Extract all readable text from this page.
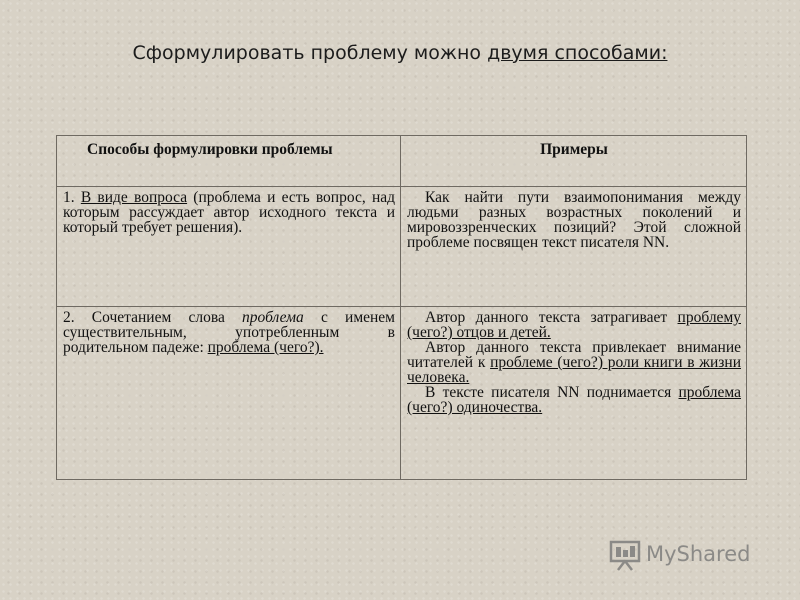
Сформулировать проблему можно двумя способами:
Способы формулировки проблемы	Примеры
1. В виде вопроса (проблема и есть вопрос, над которым рассуждает автор исходного текста и который требует решения).	Как найти пути взаимопонимания между людьми разных возрастных поколений и мировоззренческих позиций? Этой сложной проблеме посвящен текст писателя NN.
2. Сочетанием слова проблема с именем существительным, употребленным в родительном падеже: проблема (чего?).	Автор данного текста затрагивает проблему (чего?) отцов и детей.

Автор данного текста привлекает внимание читателей к проблеме (чего?) роли книги в жизни человека.

В тексте писателя NN поднимается проблема (чего?) одиночества.

MyShared
